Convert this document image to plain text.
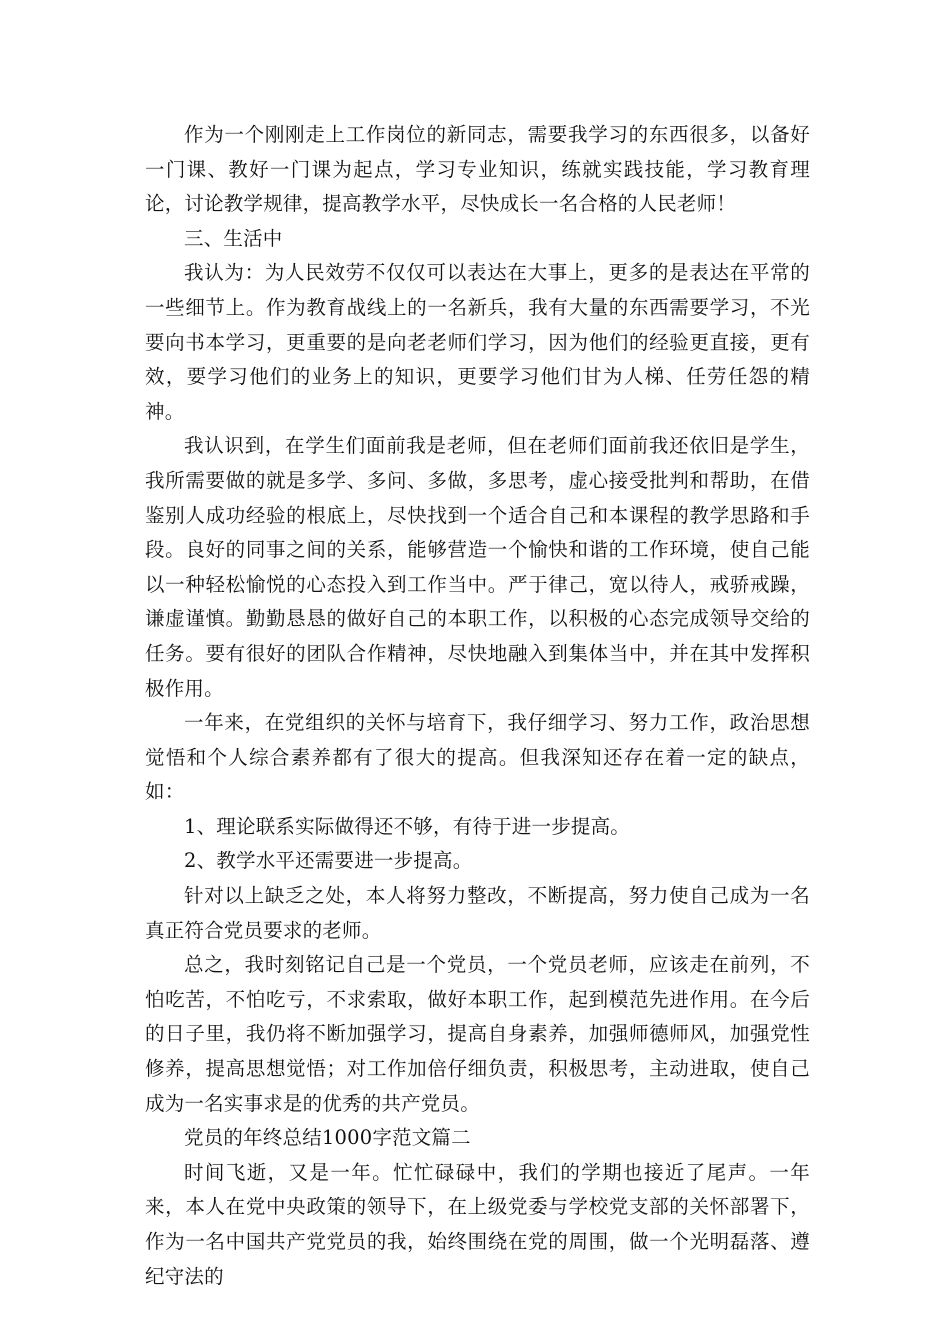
作为一个刚刚走上工作岗位的新同志，需要我学习的东西很多，以备好一门课、教好一门课为起点，学习专业知识，练就实践技能，学习教育理论，讨论教学规律，提高教学水平，尽快成长一名合格的人民老师！

三、生活中

我认为：为人民效劳不仅仅可以表达在大事上，更多的是表达在平常的一些细节上。作为教育战线上的一名新兵，我有大量的东西需要学习，不光要向书本学习，更重要的是向老老师们学习，因为他们的经验更直接，更有效，要学习他们的业务上的知识，更要学习他们甘为人梯、任劳任怨的精神。

我认识到，在学生们面前我是老师，但在老师们面前我还依旧是学生，我所需要做的就是多学、多问、多做，多思考，虚心接受批判和帮助，在借鉴别人成功经验的根底上，尽快找到一个适合自己和本课程的教学思路和手段。良好的同事之间的关系，能够营造一个愉快和谐的工作环境，使自己能以一种轻松愉悦的心态投入到工作当中。严于律己，宽以待人，戒骄戒躁，谦虚谨慎。勤勤恳恳的做好自己的本职工作，以积极的心态完成领导交给的任务。要有很好的团队合作精神，尽快地融入到集体当中，并在其中发挥积极作用。

一年来，在党组织的关怀与培育下，我仔细学习、努力工作，政治思想觉悟和个人综合素养都有了很大的提高。但我深知还存在着一定的缺点，如：

1、理论联系实际做得还不够，有待于进一步提高。

2、教学水平还需要进一步提高。

针对以上缺乏之处，本人将努力整改，不断提高，努力使自己成为一名真正符合党员要求的老师。

总之，我时刻铭记自己是一个党员，一个党员老师，应该走在前列，不怕吃苦，不怕吃亏，不求索取，做好本职工作，起到模范先进作用。在今后的日子里，我仍将不断加强学习，提高自身素养，加强师德师风，加强党性修养，提高思想觉悟；对工作加倍仔细负责，积极思考，主动进取，使自己成为一名实事求是的优秀的共产党员。

党员的年终总结1000字范文篇二

时间飞逝，又是一年。忙忙碌碌中，我们的学期也接近了尾声。一年来，本人在党中央政策的领导下，在上级党委与学校党支部的关怀部署下，作为一名中国共产党党员的我，始终围绕在党的周围，做一个光明磊落、遵纪守法的
